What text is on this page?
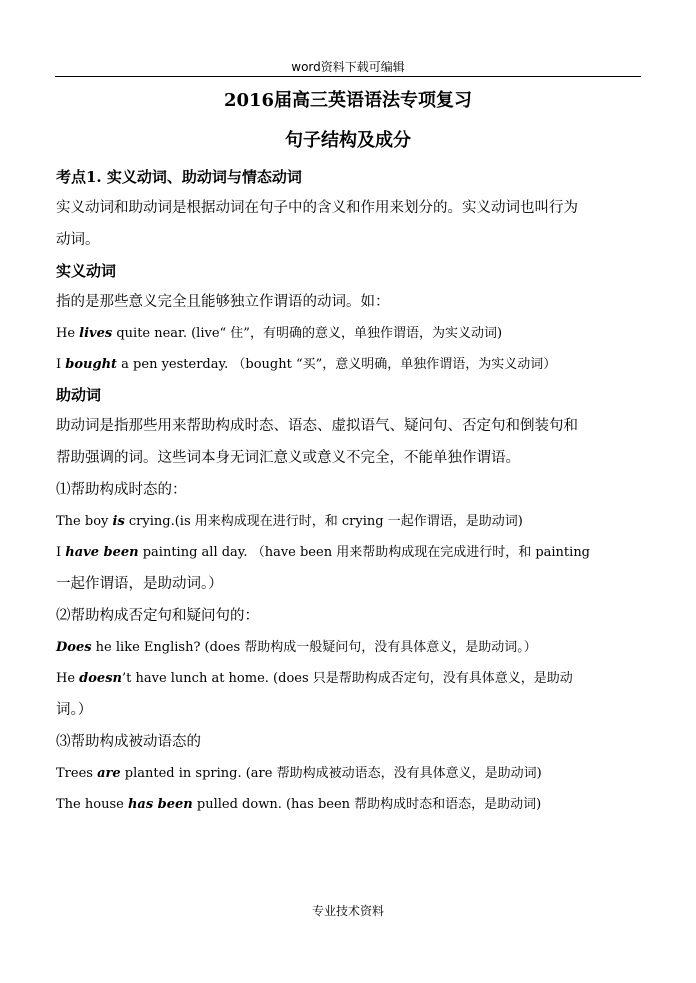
word资料下载可编辑
2016届高三英语语法专项复习
句子结构及成分
考点1. 实义动词、助动词与情态动词
实义动词和助动词是根据动词在句子中的含义和作用来划分的。实义动词也叫行为
动词。
实义动词
指的是那些意义完全且能够独立作谓语的动词。如：
He lives quite near. (live“ 住”，有明确的意义，单独作谓语，为实义动词)
I bought a pen yesterday. （bought “买”，意义明确，单独作谓语，为实义动词）
助动词
助动词是指那些用来帮助构成时态、语态、虚拟语气、疑问句、否定句和倒装句和
帮助强调的词。这些词本身无词汇意义或意义不完全，不能单独作谓语。
⑴帮助构成时态的：
The boy is crying.(is 用来构成现在进行时，和 crying 一起作谓语，是助动词)
I have been painting all day. （have been 用来帮助构成现在完成进行时，和 painting
一起作谓语，是助动词。）
⑵帮助构成否定句和疑问句的：
Does he like English? (does 帮助构成一般疑问句，没有具体意义，是助动词。）
He doesn’t have lunch at home. (does 只是帮助构成否定句，没有具体意义，是助动
词。）
⑶帮助构成被动语态的
Trees are planted in spring. (are 帮助构成被动语态，没有具体意义，是助动词)
The house has been pulled down. (has been 帮助构成时态和语态，是助动词)
专业技术资料
